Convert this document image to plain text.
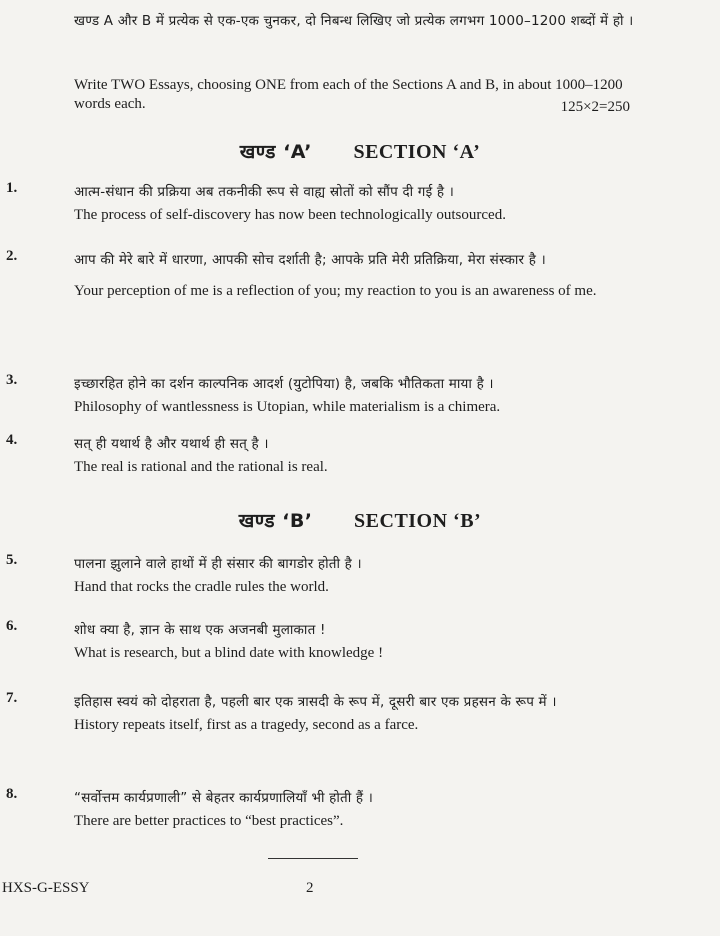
खण्ड A और B में प्रत्येक से एक-एक चुनकर, दो निबन्ध लिखिए जो प्रत्येक लगभग 1000–1200 शब्दों में हो ।
Write TWO Essays, choosing ONE from each of the Sections A and B, in about 1000–1200 words each.	125×2=250
खण्ड ‘A’ SECTION ‘A’
1.	आत्म-संधान की प्रक्रिया अब तकनीकी रूप से वाह्य स्रोतों को सौंप दी गई है ।
The process of self-discovery has now been technologically outsourced.
2.	आप की मेरे बारे में धारणा, आपकी सोच दर्शाती है; आपके प्रति मेरी प्रतिक्रिया, मेरा संस्कार है ।
Your perception of me is a reflection of you; my reaction to you is an awareness of me.
3.	इच्छारहित होने का दर्शन काल्पनिक आदर्श (युटोपिया) है, जबकि भौतिकता माया है ।
Philosophy of wantlessness is Utopian, while materialism is a chimera.
4.	सत् ही यथार्थ है और यथार्थ ही सत् है ।
The real is rational and the rational is real.
खण्ड ‘B’ SECTION ‘B’
5.	पालना झुलाने वाले हाथों में ही संसार की बागडोर होती है ।
Hand that rocks the cradle rules the world.
6.	शोध क्या है, ज्ञान के साथ एक अजनबी मुलाकात !
What is research, but a blind date with knowledge !
7.	इतिहास स्वयं को दोहराता है, पहली बार एक त्रासदी के रूप में, दूसरी बार एक प्रहसन के रूप में ।
History repeats itself, first as a tragedy, second as a farce.
8.	“सर्वोत्तम कार्यप्रणाली” से बेहतर कार्यप्रणालियाँ भी होती हैं ।
There are better practices to “best practices”.
HXS-G-ESSY	2
